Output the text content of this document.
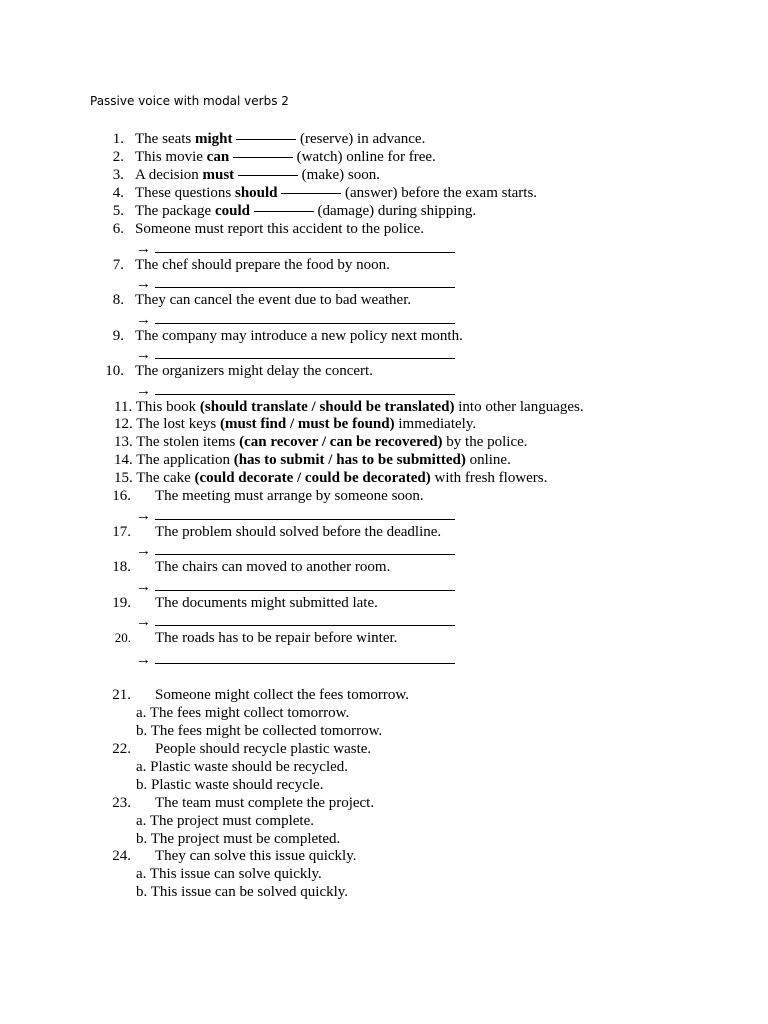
Passive voice with modal verbs 2
1. The seats might	(reserve) in advance.
2. This movie can	(watch) online for free.
3. A decision must	(make) soon.
4. These questions should	(answer) before the exam starts.
5. The package could	(damage) during shipping.
6. Someone must report this accident to the police.
→
7. The chef should prepare the food by noon.
→
8. They can cancel the event due to bad weather.
→
9. The company may introduce a new policy next month.
→
10. The organizers might delay the concert.
→
11. This book (should translate / should be translated) into other languages.
12. The lost keys (must find / must be found) immediately.
13. The stolen items (can recover / can be recovered) by the police.
14. The application (has to submit / has to be submitted) online.
15. The cake (could decorate / could be decorated) with fresh flowers.
16. The meeting must arrange by someone soon.
→
17. The problem should solved before the deadline.
→
18. The chairs can moved to another room.
→
19. The documents might submitted late.
→
20. The roads has to be repair before winter.
→
21. Someone might collect the fees tomorrow.
a. The fees might collect tomorrow.
b. The fees might be collected tomorrow.
22. People should recycle plastic waste.
a. Plastic waste should be recycled.
b. Plastic waste should recycle.
23. The team must complete the project.
a. The project must complete.
b. The project must be completed.
24. They can solve this issue quickly.
a. This issue can solve quickly.
b. This issue can be solved quickly.
